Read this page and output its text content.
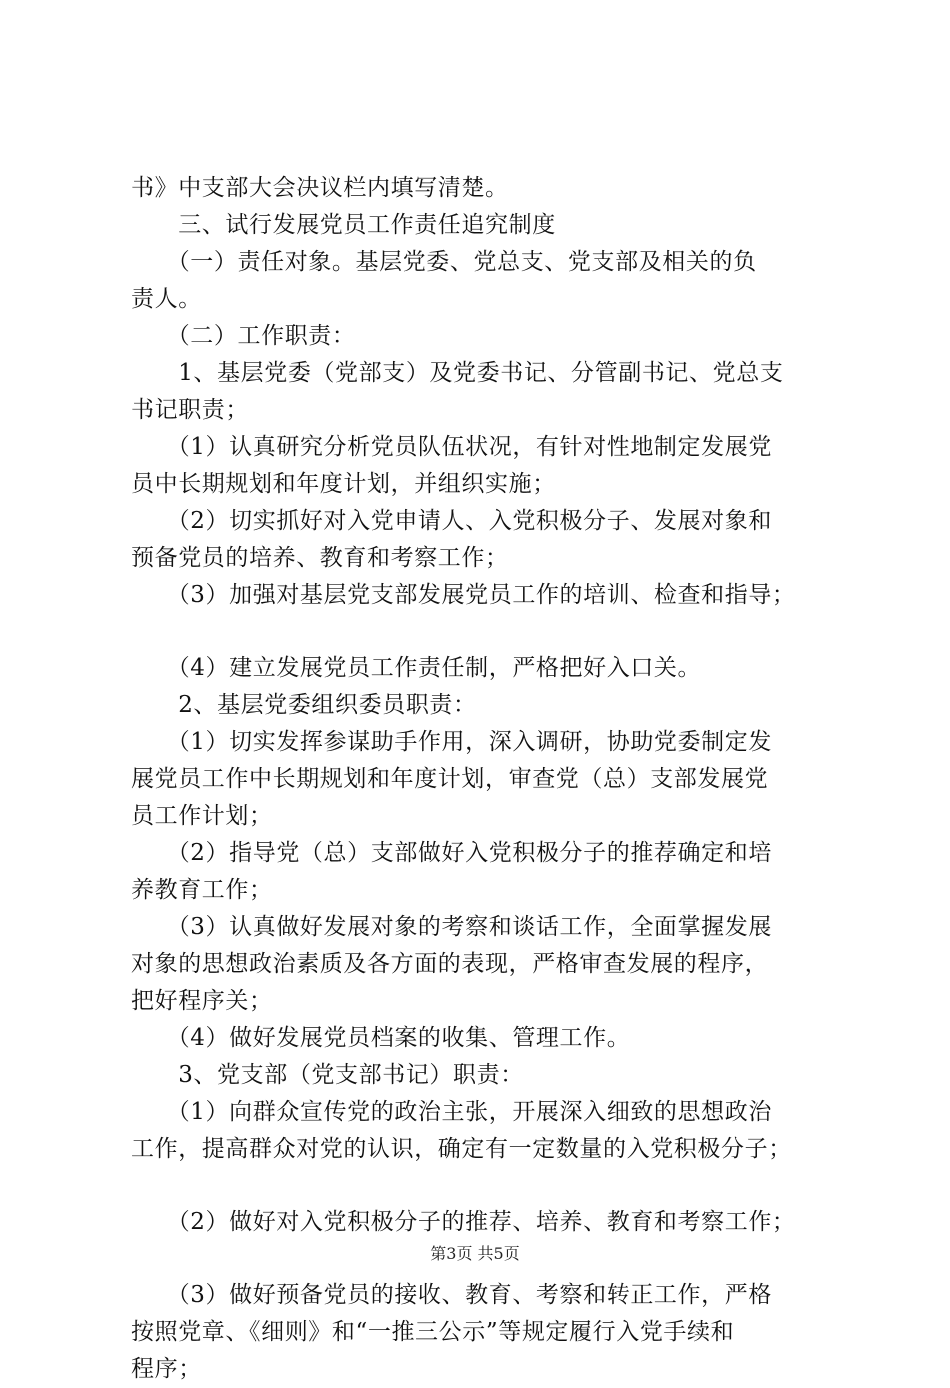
书》中支部大会决议栏内填写清楚。
　　三、试行发展党员工作责任追究制度
　　（一）责任对象。基层党委、党总支、党支部及相关的负
责人。
　　（二）工作职责：
　　1、基层党委（党部支）及党委书记、分管副书记、党总支
书记职责；
　　（1）认真研究分析党员队伍状况，有针对性地制定发展党
员中长期规划和年度计划，并组织实施；
　　（2）切实抓好对入党申请人、入党积极分子、发展对象和
预备党员的培养、教育和考察工作；
　　（3）加强对基层党支部发展党员工作的培训、检查和指导；
　　（4）建立发展党员工作责任制，严格把好入口关。
　　2、基层党委组织委员职责：
　　（1）切实发挥参谋助手作用，深入调研，协助党委制定发
展党员工作中长期规划和年度计划，审查党（总）支部发展党
员工作计划；
　　（2）指导党（总）支部做好入党积极分子的推荐确定和培
养教育工作；
　　（3）认真做好发展对象的考察和谈话工作，全面掌握发展
对象的思想政治素质及各方面的表现，严格审查发展的程序，
把好程序关；
　　（4）做好发展党员档案的收集、管理工作。
　　3、党支部（党支部书记）职责：
　　（1）向群众宣传党的政治主张，开展深入细致的思想政治
工作，提高群众对党的认识，确定有一定数量的入党积极分子；
　　（2）做好对入党积极分子的推荐、培养、教育和考察工作；
　　（3）做好预备党员的接收、教育、考察和转正工作，严格
按照党章、《细则》和“一推三公示”等规定履行入党手续和
程序；
第3页 共5页
